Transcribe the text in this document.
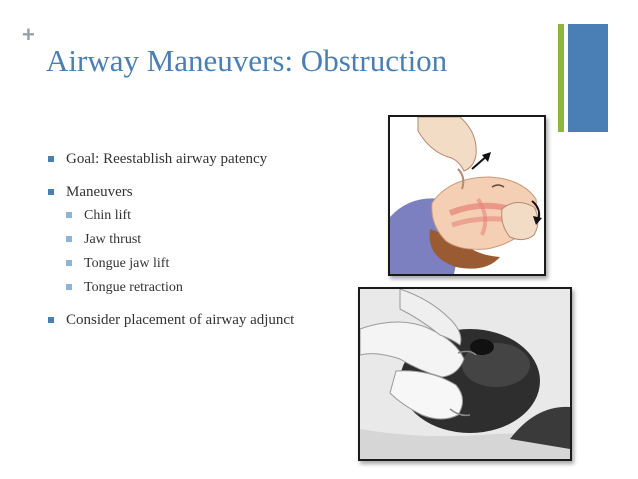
+
Airway Maneuvers: Obstruction
Goal: Reestablish airway patency
Maneuvers
Chin lift
Jaw thrust
Tongue jaw lift
Tongue retraction
Consider placement of airway adjunct
